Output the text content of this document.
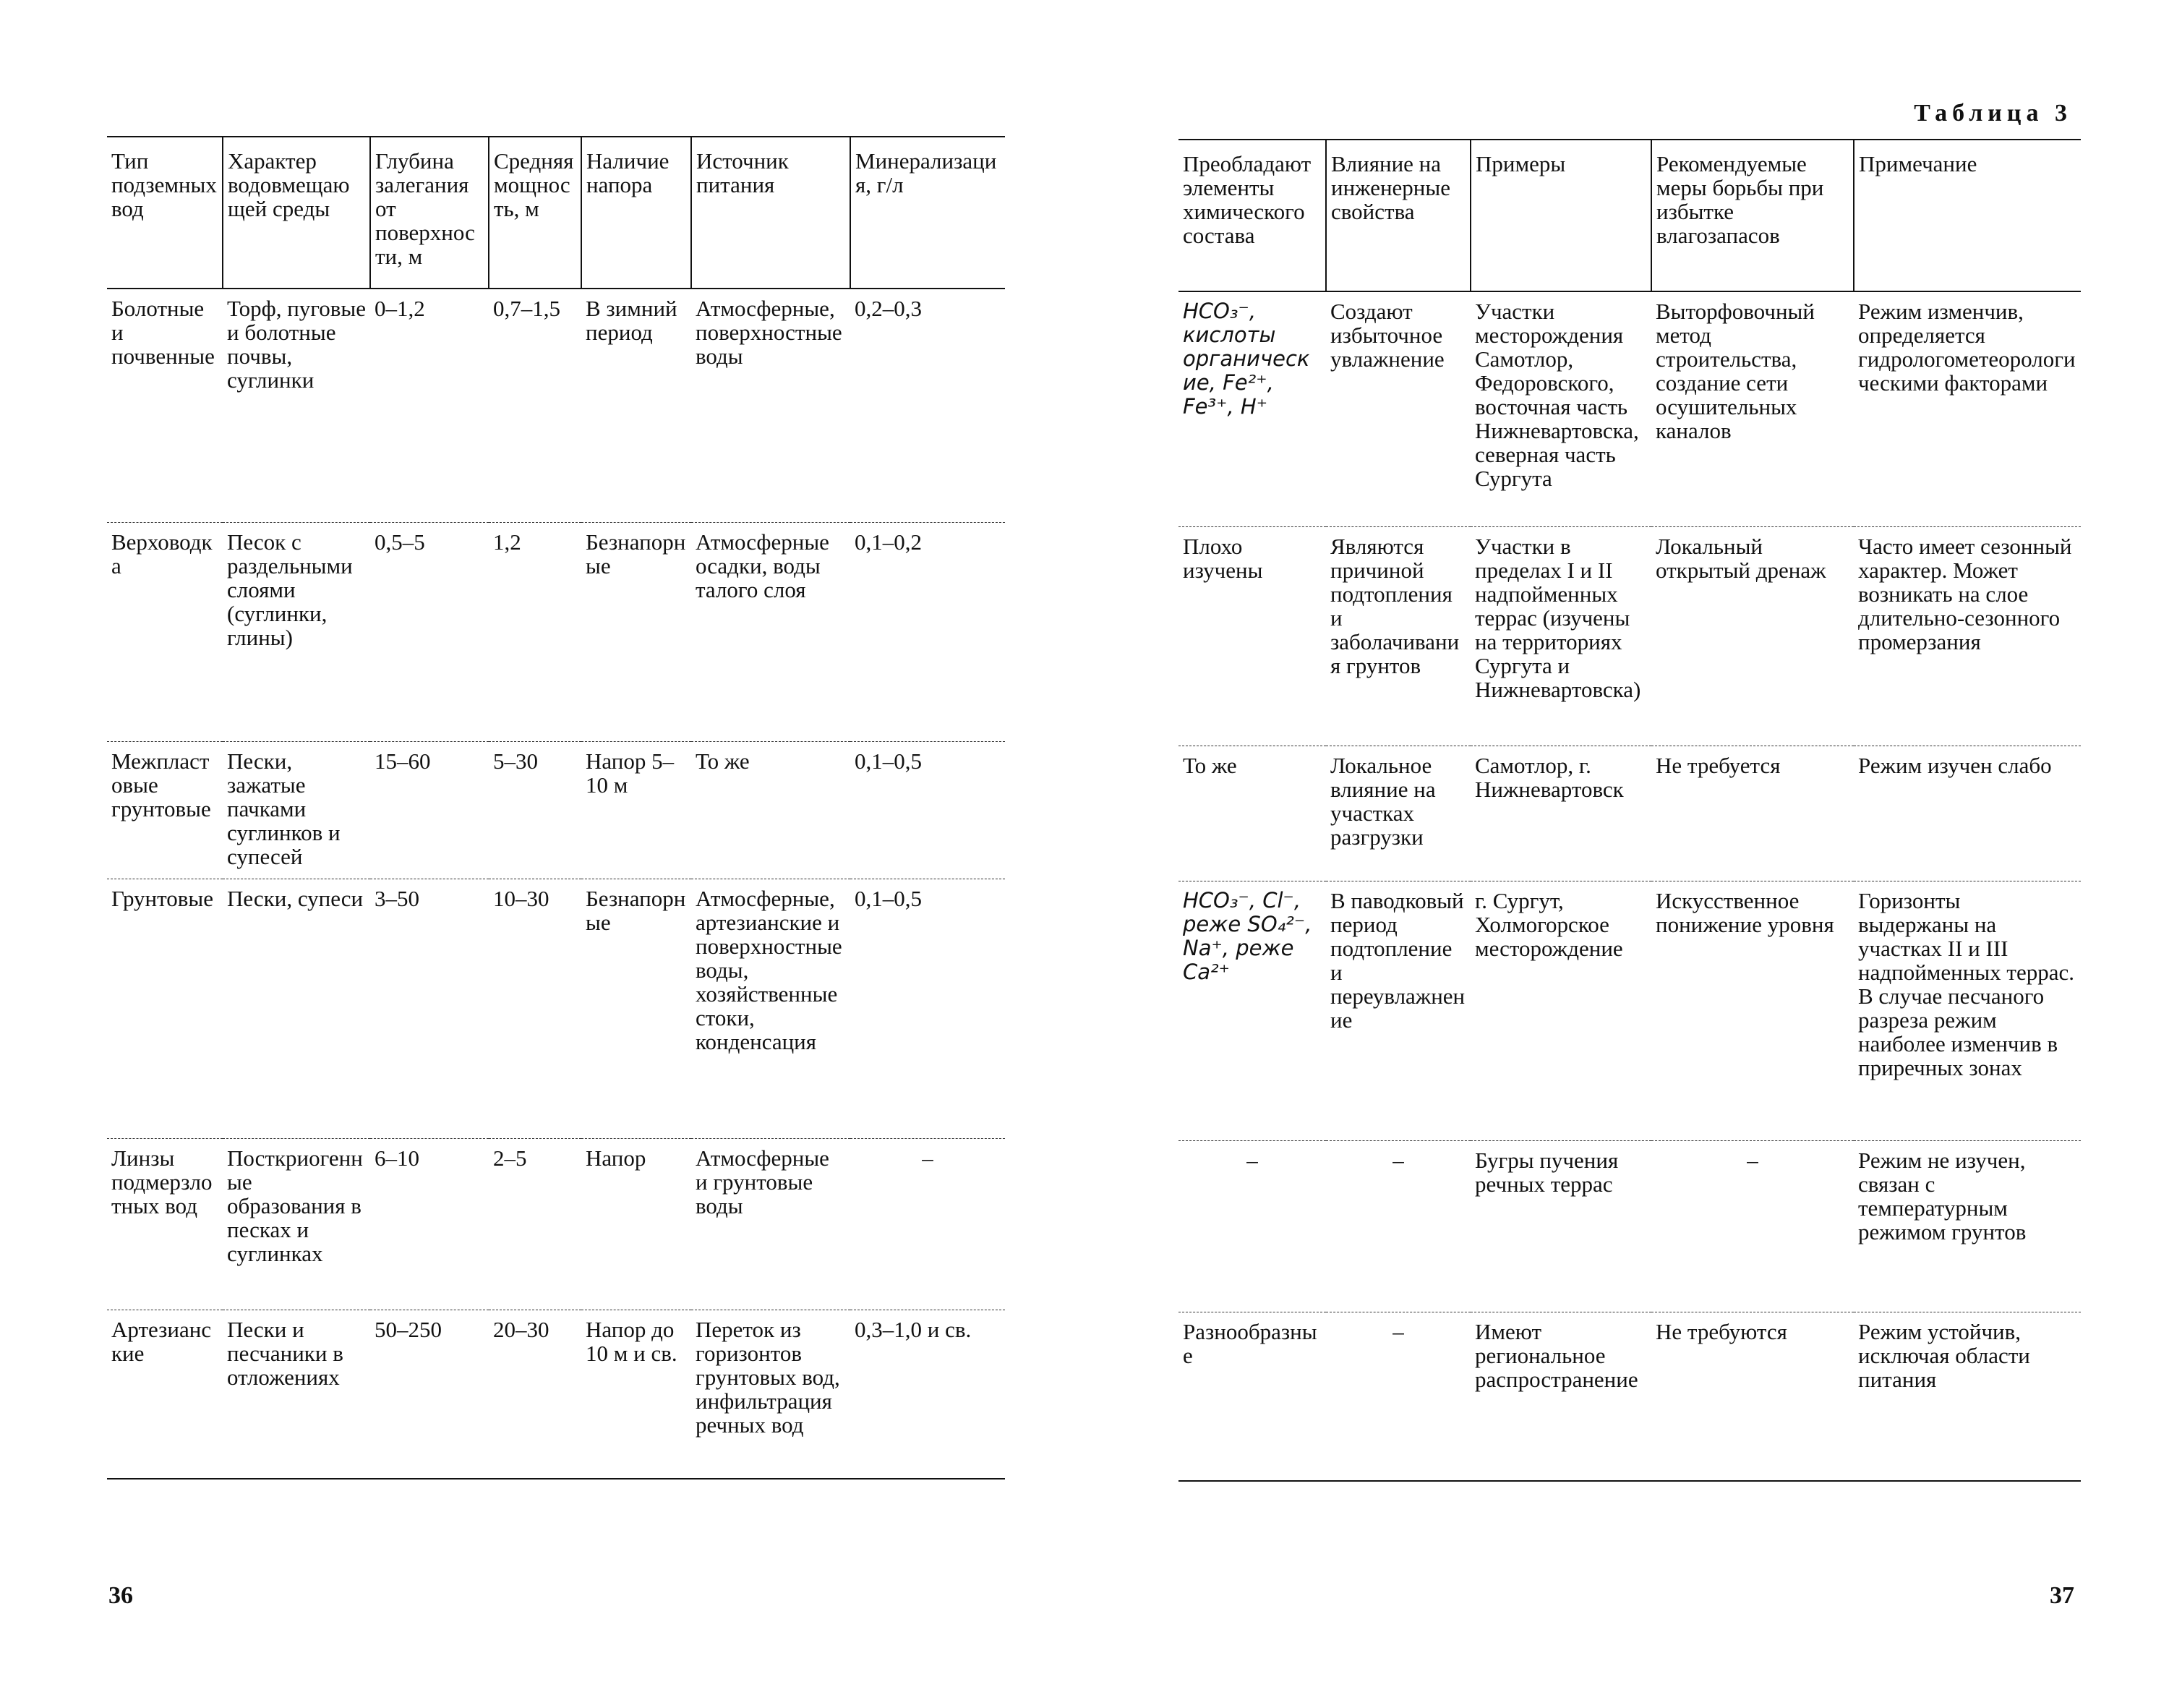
Тип подземных вод	Характер водовмещающей среды	Глубина залегания от поверхности, м	Средняя мощность, м	Наличие напора	Источник питания	Минерализация, г/л
Болотные и почвенные	Торф, пуговые и болотные почвы, суглинки	0–1,2	0,7–1,5	В зимний период	Атмосферные, поверхностные воды	0,2–0,3
Верховодка	Песок с раздельными слоями (суглинки, глины)	0,5–5	1,2	Безнапорные	Атмосферные осадки, воды талого слоя	0,1–0,2
Межпластовые грунтовые	Пески, зажатые пачками суглинков и супесей	15–60	5–30	Напор 5–10 м	То же	0,1–0,5
Грунтовые	Пески, супеси	3–50	10–30	Безнапорные	Атмосферные, артезианские и поверхностные воды, хозяйственные стоки, конденсация	0,1–0,5
Линзы подмерзлотных вод	Посткриогенные образования в песках и суглинках	6–10	2–5	Напор	Атмосферные и грунтовые воды	–
Артезианские	Пески и песчаники в отложениях	50–250	20–30	Напор до 10 м и св.	Переток из горизонтов грунтовых вод, инфильтрация речных вод	0,3–1,0 и св.
36
Таблица 3
Преобладают элементы химического состава	Влияние на инженерные свойства	Примеры	Рекомендуемые меры борьбы при избытке влагозапасов	Примечание
HCO₃⁻, кислоты органические, Fe²⁺, Fe³⁺, H⁺	Создают избыточное увлажнение	Участки месторождения Самотлор, Федоровского, восточная часть Нижневартовска, северная часть Сургута	Выторфовочный метод строительства, создание сети осушительных каналов	Режим изменчив, определяется гидрологометеорологическими факторами
Плохо изучены	Являются причиной подтопления и заболачивания грунтов	Участки в пределах I и II надпойменных террас (изучены на территориях Сургута и Нижневартовска)	Локальный открытый дренаж	Часто имеет сезонный характер. Может возникать на слое длительно-сезонного промерзания
То же	Локальное влияние на участках разгрузки	Самотлор, г. Нижневартовск	Не требуется	Режим изучен слабо
HCO₃⁻, Cl⁻, реже SO₄²⁻, Na⁺, реже Ca²⁺	В паводковый период подтопление и переувлажнение	г. Сургут, Холмогорское месторождение	Искусственное понижение уровня	Горизонты выдержаны на участках II и III надпойменных террас. В случае песчаного разреза режим наиболее изменчив в приречных зонах
–	–	Бугры пучения речных террас	–	Режим не изучен, связан с температурным режимом грунтов
Разнообразные	–	Имеют региональное распространение	Не требуются	Режим устойчив, исключая области питания
37
